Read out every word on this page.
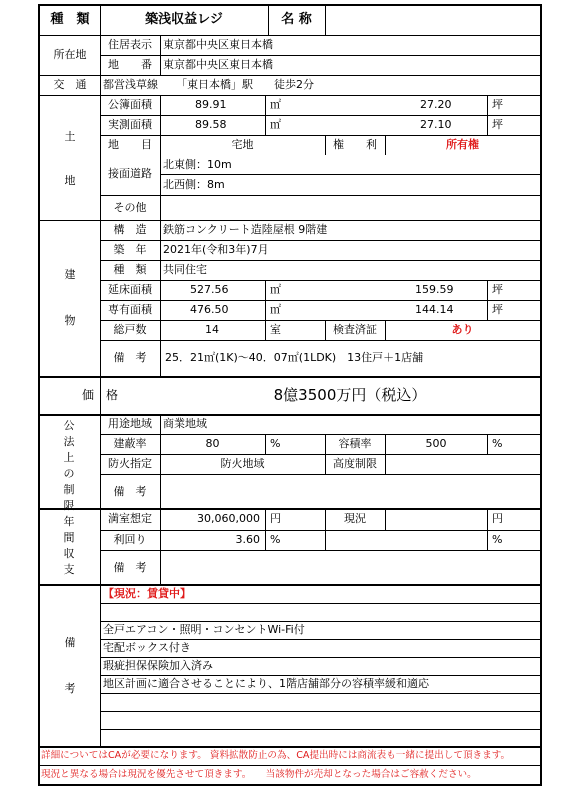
種　類	築浅収益レジ	名 称
所在地
住居表示	東京都中央区東日本橋
地　　番	東京都中央区東日本橋
交　通	都営浅草線 「東日本橋」駅 徒歩2分
土
地
公簿面積	89.91	㎡	27.20	坪
実測面積	89.58	㎡	27.10	坪
地　　目	宅地	権　　利	所有権
接面道路
北東側：10m
北西側：8m
その他
建
物
構　造	鉄筋コンクリート造陸屋根 9階建
築　年	2021年(令和3年)7月
種　類	共同住宅
延床面積	527.56	㎡	159.59	坪
専有面積	476.50	㎡	144.14	坪
総戸数	14	室	検査済証	あり
備　考	25．21㎡(1K)～40．07㎡(1LDK)　13住戸＋1店舗
価　格	8億3500万円（税込）
公
法
上
の
制
限
用途地域	商業地域
建蔽率	80	%	容積率	500	%
防火指定	防火地域	高度制限
備　考
年
間
収
支
満室想定	30,060,000 円	現況	円
利回り	3.60 %	%
備　考
備
考
【現況：賃貸中】
全戸エアコン・照明・コンセントWi-Fi付
宅配ボックス付き
瑕疵担保保険加入済み
地区計画に適合させることにより、1階店舗部分の容積率緩和適応
詳細についてはCAが必要になります。 資料拡散防止の為、CA提出時には商流表も一緒に提出して頂きます。
現況と異なる場合は現況を優先させて頂きます。　　当該物件が売却となった場合はご容赦ください。
